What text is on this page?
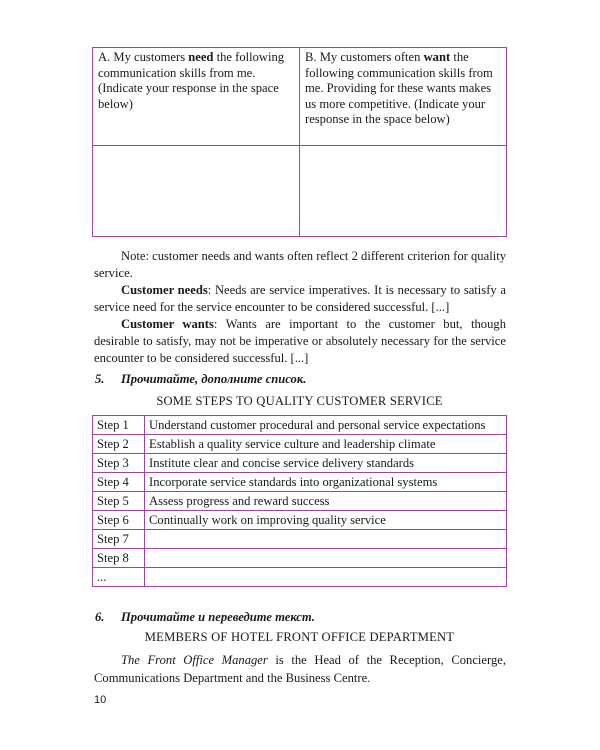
A. My customers need the following communication skills from me. (Indicate your response in the space below)	B. My customers often want the following communication skills from me. Providing for these wants makes us more competitive. (Indicate your response in the space below)

Note: customer needs and wants often reflect 2 different criterion for quality service.

Customer needs: Needs are service imperatives. It is necessary to satisfy a service need for the service encounter to be considered successful. [...]

Customer wants: Wants are important to the customer but, though desirable to satisfy, may not be imperative or absolutely necessary for the service encounter to be considered successful. [...]

5. Прочитайте, дополните список.
SOME STEPS TO QUALITY CUSTOMER SERVICE
Step 1	Understand customer procedural and personal service expectations
Step 2	Establish a quality service culture and leadership climate
Step 3	Institute clear and concise service delivery standards
Step 4	Incorporate service standards into organizational systems
Step 5	Assess progress and reward success
Step 6	Continually work on improving quality service
Step 7	
Step 8	
...	
6. Прочитайте и переведите текст.
MEMBERS OF HOTEL FRONT OFFICE DEPARTMENT

The Front Office Manager is the Head of the Reception, Concierge, Communications Department and the Business Centre.

10
